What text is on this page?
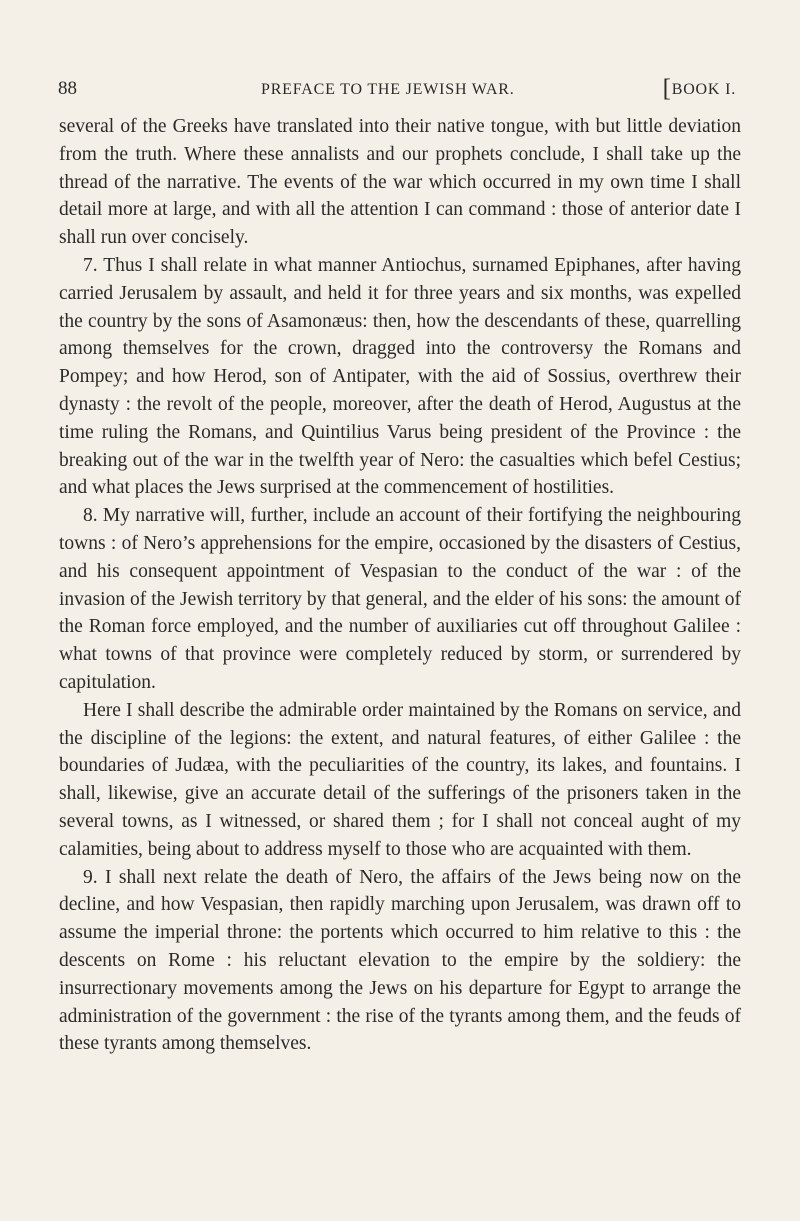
88	PREFACE TO THE JEWISH WAR.	[BOOK I.

several of the Greeks have translated into their native tongue, with but little deviation from the truth. Where these annalists and our prophets conclude, I shall take up the thread of the narrative. The events of the war which occurred in my own time I shall detail more at large, and with all the attention I can command : those of anterior date I shall run over concisely.

7. Thus I shall relate in what manner Antiochus, surnamed Epiphanes, after having carried Jerusalem by assault, and held it for three years and six months, was expelled the country by the sons of Asamonæus: then, how the descendants of these, quarrelling among themselves for the crown, dragged into the controversy the Romans and Pompey; and how Herod, son of Antipater, with the aid of Sossius, overthrew their dynasty : the revolt of the people, moreover, after the death of Herod, Augustus at the time ruling the Romans, and Quintilius Varus being president of the Province : the breaking out of the war in the twelfth year of Nero: the casualties which befel Cestius; and what places the Jews surprised at the commencement of hostilities.

8. My narrative will, further, include an account of their fortifying the neighbouring towns : of Nero’s apprehensions for the empire, occasioned by the disasters of Cestius, and his consequent appointment of Vespasian to the conduct of the war : of the invasion of the Jewish territory by that general, and the elder of his sons: the amount of the Roman force employed, and the number of auxiliaries cut off throughout Galilee : what towns of that province were completely reduced by storm, or surrendered by capitulation.

Here I shall describe the admirable order maintained by the Romans on service, and the discipline of the legions: the extent, and natural features, of either Galilee : the boundaries of Judæa, with the peculiarities of the country, its lakes, and fountains. I shall, likewise, give an accurate detail of the sufferings of the prisoners taken in the several towns, as I witnessed, or shared them ; for I shall not conceal aught of my calamities, being about to address myself to those who are acquainted with them.

9. I shall next relate the death of Nero, the affairs of the Jews being now on the decline, and how Vespasian, then rapidly marching upon Jerusalem, was drawn off to assume the imperial throne: the portents which occurred to him relative to this : the descents on Rome : his reluctant elevation to the empire by the soldiery: the insurrectionary movements among the Jews on his departure for Egypt to arrange the administration of the government : the rise of the tyrants among them, and the feuds of these tyrants among themselves.
